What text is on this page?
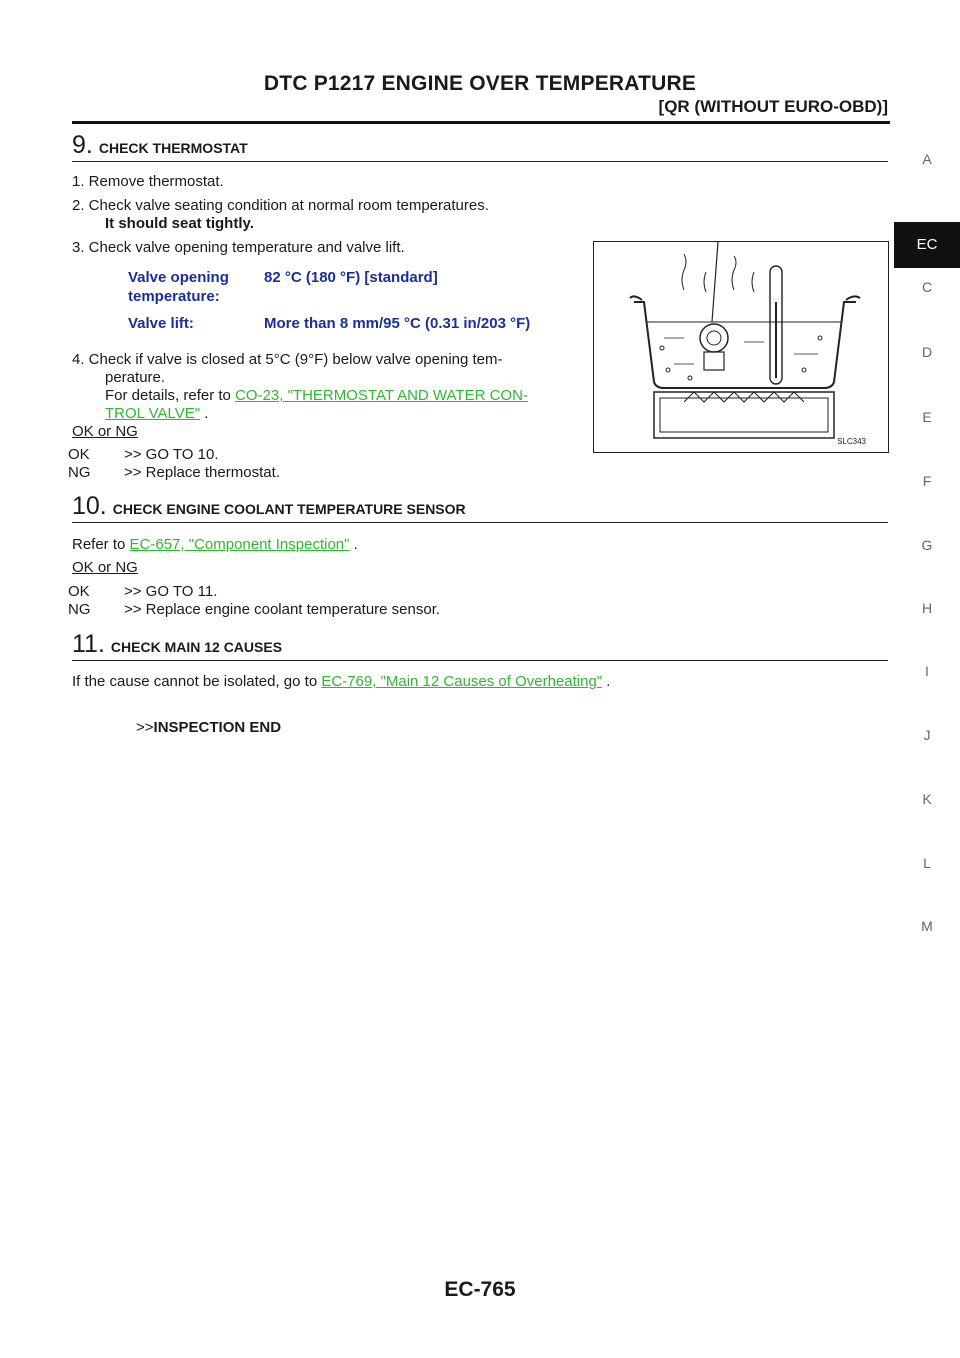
DTC P1217 ENGINE OVER TEMPERATURE
[QR (WITHOUT EURO-OBD)]
A
EC
C
D
E
F
G
H
I
J
K
L
M
9. CHECK THERMOSTAT
1. Remove thermostat.
2. Check valve seating condition at normal room temperatures.
It should seat tightly.
3. Check valve opening temperature and valve lift.
Valve opening temperature:
82 °C (180 °F) [standard]
Valve lift:	More than 8 mm/95 °C (0.31 in/203 °F)
4. Check if valve is closed at 5°C (9°F) below valve opening tem-
perature.
For details, refer to CO-23, "THERMOSTAT AND WATER CON-
TROL VALVE" .
OK or NG
OK >> GO TO 10.
NG >> Replace thermostat.
SLC343
10. CHECK ENGINE COOLANT TEMPERATURE SENSOR
Refer to EC-657, "Component Inspection" .
OK or NG
OK >> GO TO 11.
NG >> Replace engine coolant temperature sensor.
11. CHECK MAIN 12 CAUSES
If the cause cannot be isolated, go to EC-769, "Main 12 Causes of Overheating" .
>>INSPECTION END
EC-765
